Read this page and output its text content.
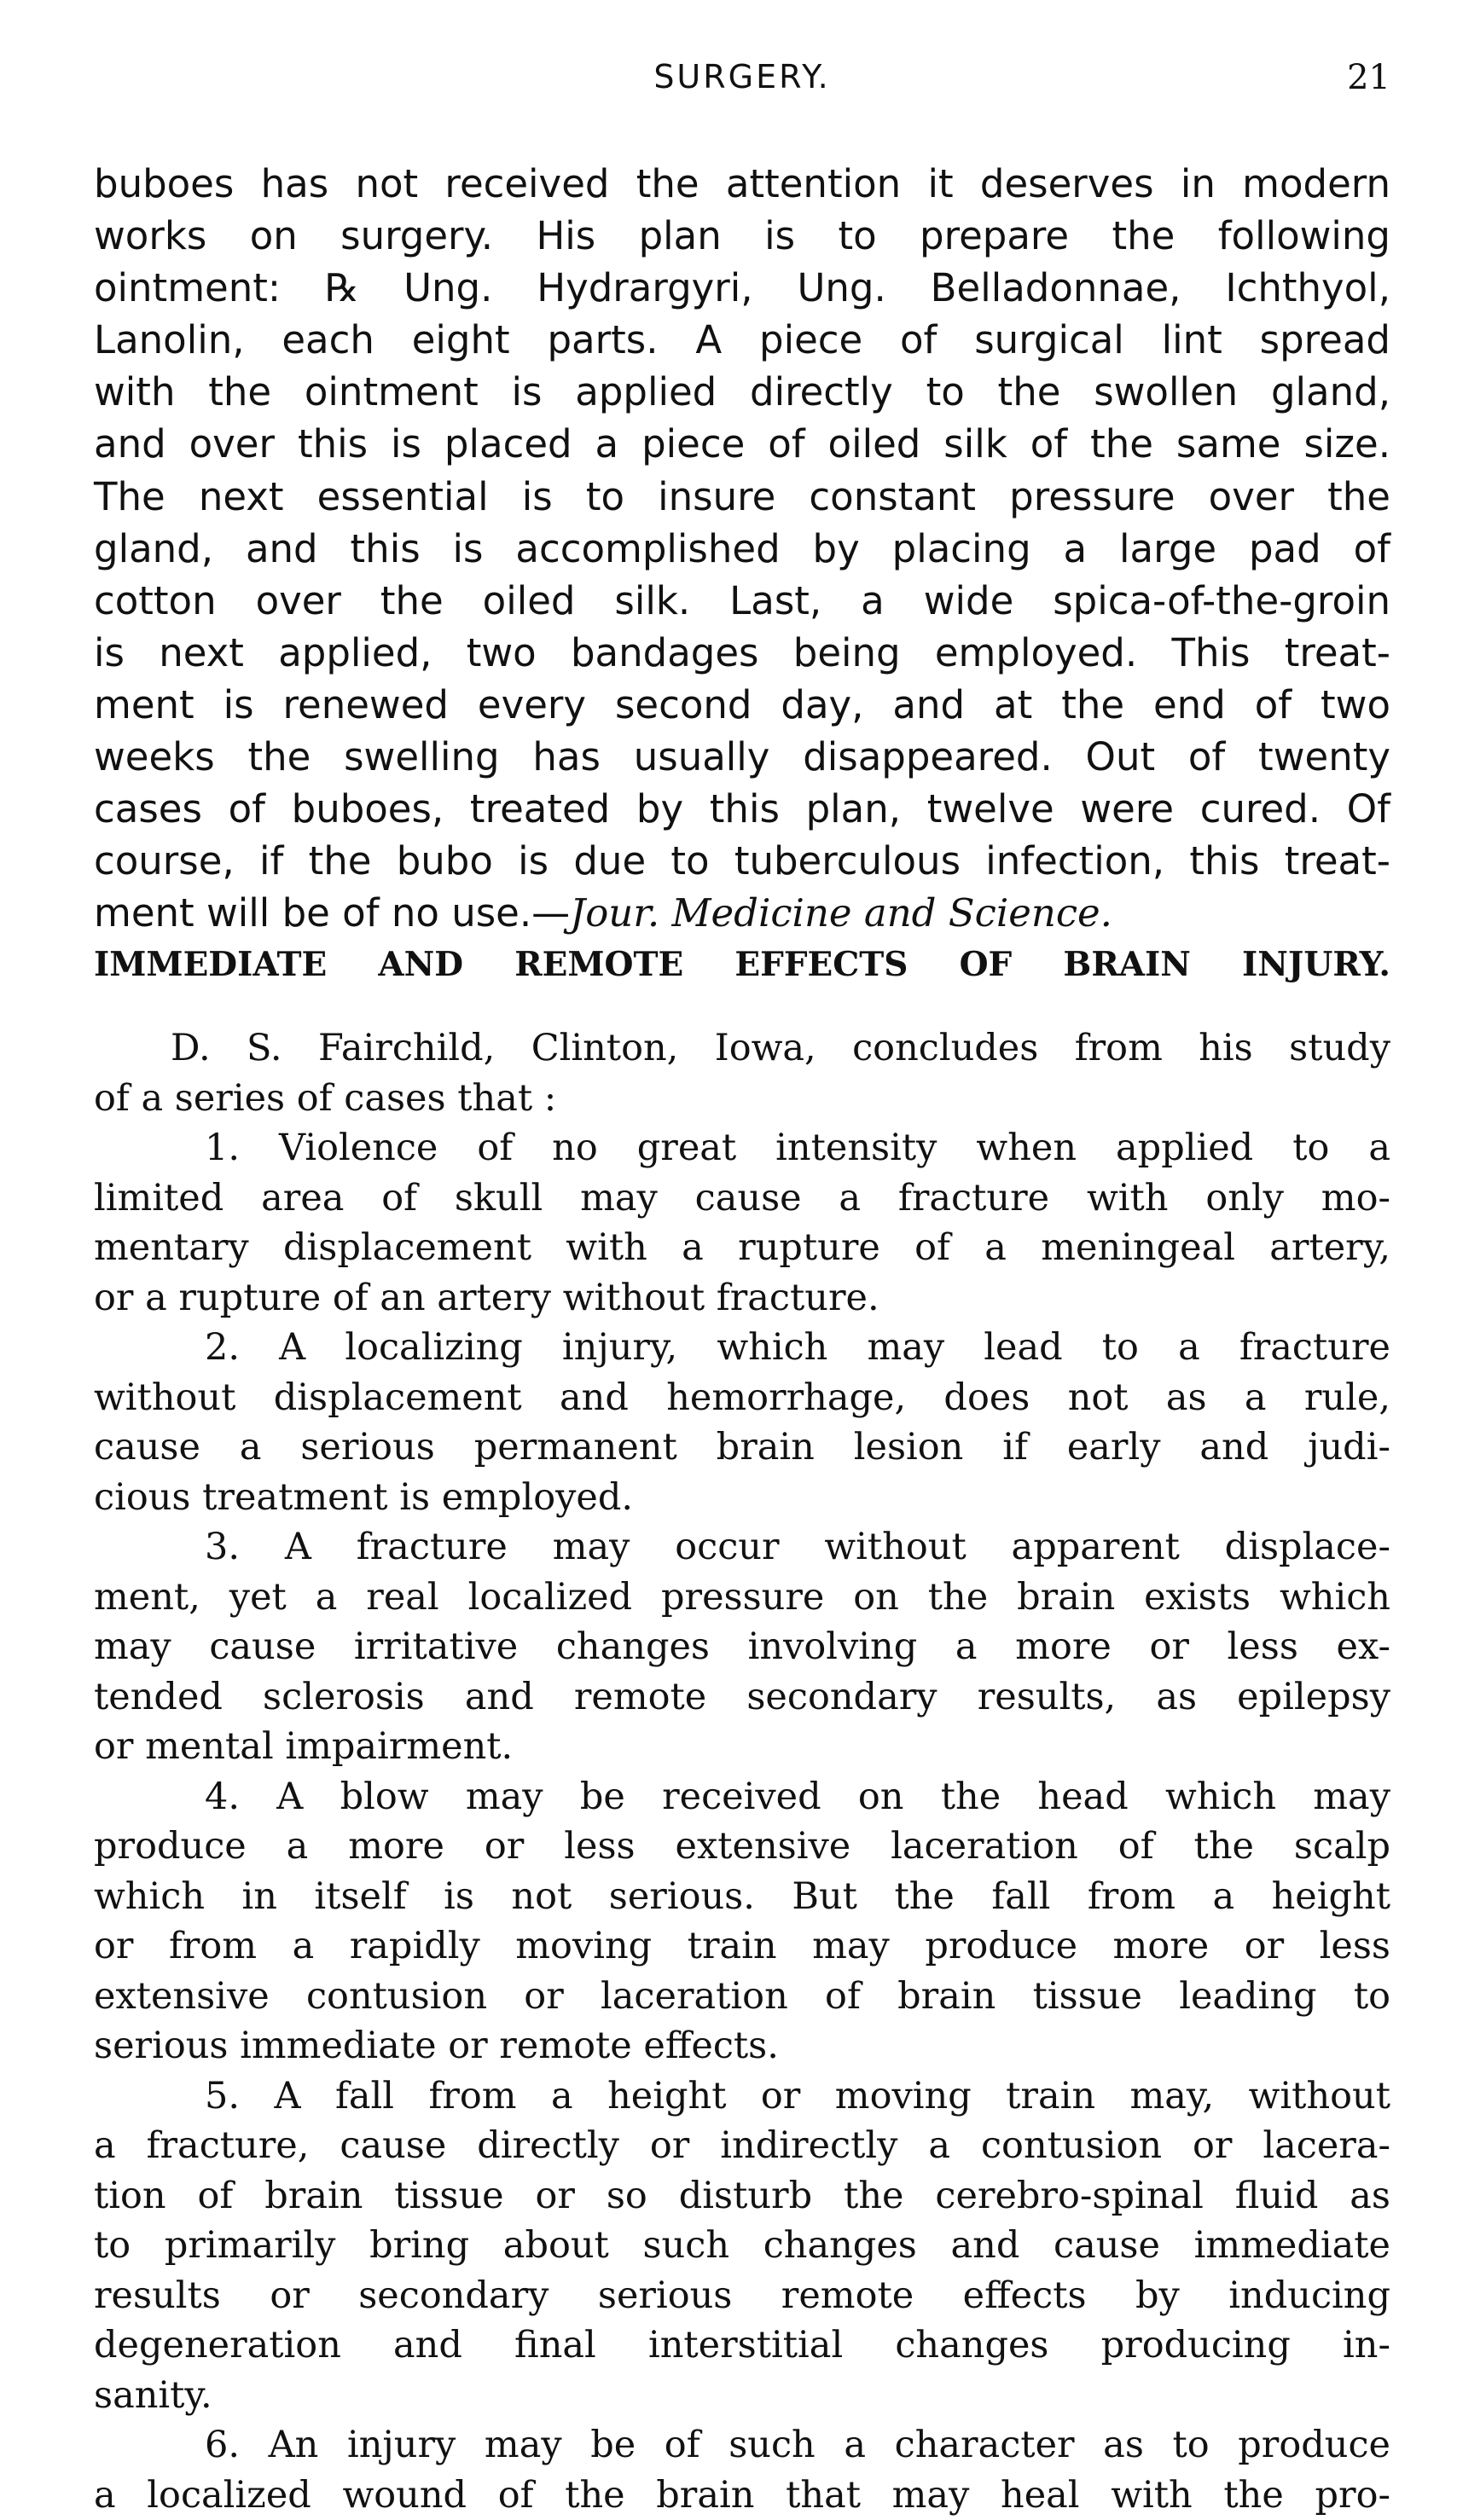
SURGERY.	21
buboes has not received the attention it deserves in modern
works on surgery. His plan is to prepare the following
ointment: ℞ Ung. Hydrargyri, Ung. Belladonnae, Ichthyol,
Lanolin, each eight parts. A piece of surgical lint spread
with the ointment is applied directly to the swollen gland,
and over this is placed a piece of oiled silk of the same size.
The next essential is to insure constant pressure over the
gland, and this is accomplished by placing a large pad of
cotton over the oiled silk. Last, a wide spica-of-the-groin
is next applied, two bandages being employed. This treat-
ment is renewed every second day, and at the end of two
weeks the swelling has usually disappeared. Out of twenty
cases of buboes, treated by this plan, twelve were cured. Of
course, if the bubo is due to tuberculous infection, this treat-
ment will be of no use.—Jour. Medicine and Science.
IMMEDIATE AND REMOTE EFFECTS OF BRAIN INJURY.
D. S. Fairchild, Clinton, Iowa, concludes from his study
of a series of cases that :
1. Violence of no great intensity when applied to a
limited area of skull may cause a fracture with only mo-
mentary displacement with a rupture of a meningeal artery,
or a rupture of an artery without fracture.
2. A localizing injury, which may lead to a fracture
without displacement and hemorrhage, does not as a rule,
cause a serious permanent brain lesion if early and judi-
cious treatment is employed.
3. A fracture may occur without apparent displace-
ment, yet a real localized pressure on the brain exists which
may cause irritative changes involving a more or less ex-
tended sclerosis and remote secondary results, as epilepsy
or mental impairment.
4. A blow may be received on the head which may
produce a more or less extensive laceration of the scalp
which in itself is not serious. But the fall from a height
or from a rapidly moving train may produce more or less
extensive contusion or laceration of brain tissue leading to
serious immediate or remote effects.
5. A fall from a height or moving train may, without
a fracture, cause directly or indirectly a contusion or lacera-
tion of brain tissue or so disturb the cerebro-spinal fluid as
to primarily bring about such changes and cause immediate
results or secondary serious remote effects by inducing
degeneration and final interstitial changes producing in-
sanity.
6. An injury may be of such a character as to produce
a localized wound of the brain that may heal with the pro-
